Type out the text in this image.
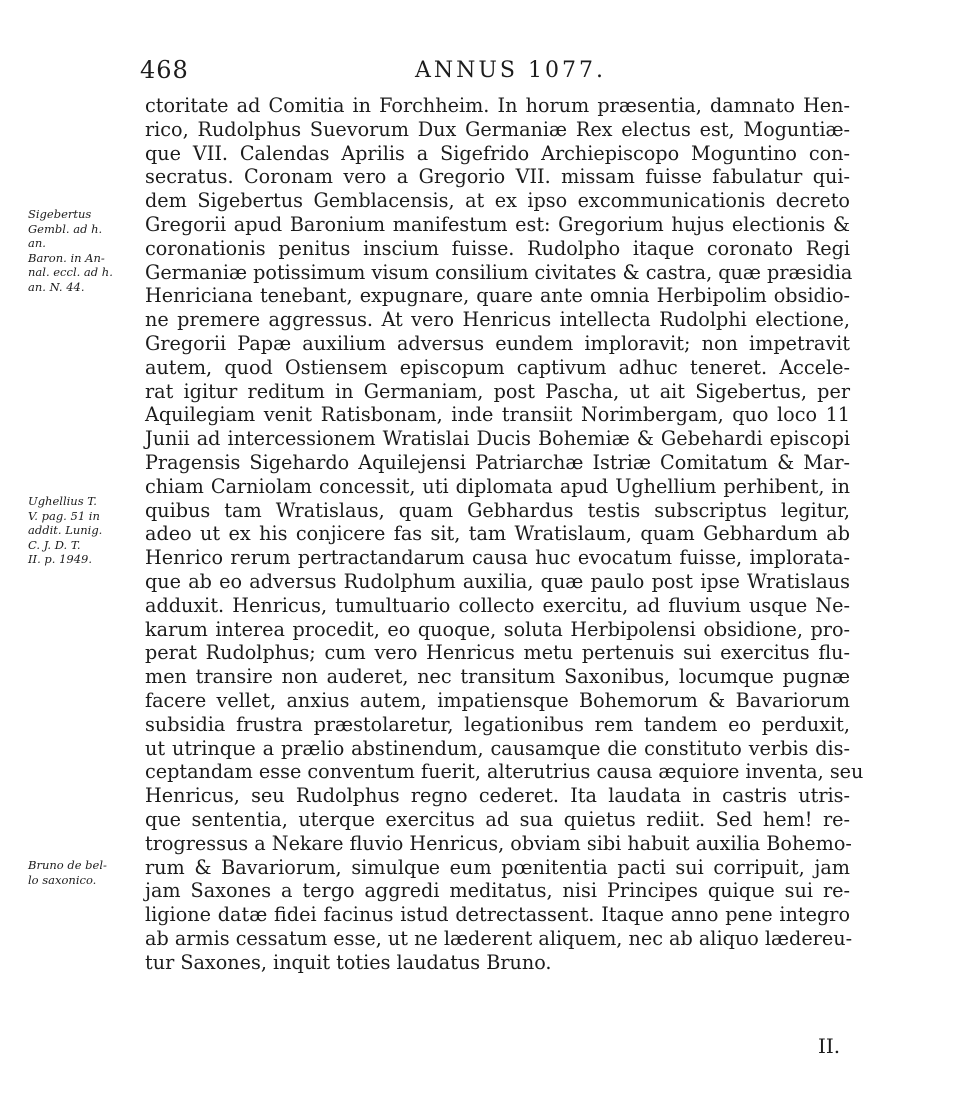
468	ANNUS 1077.
Sigebertus
Gembl. ad h.
an.
Baron. in An-
nal. eccl. ad h.
an. N. 44.
Ughellius T.
V. pag. 51 in
addit. Lunig.
C. J. D. T.
II. p. 1949.
Bruno de bel-
lo saxonico.
ctoritate ad Comitia in Forchheim. In horum præsentia, damnato Hen-
rico, Rudolphus Suevorum Dux Germaniæ Rex electus est, Moguntiæ-
que VII. Calendas Aprilis a Sigefrido Archiepiscopo Moguntino con-
secratus. Coronam vero a Gregorio VII. missam fuisse fabulatur qui-
dem Sigebertus Gemblacensis, at ex ipso excommunicationis decreto
Gregorii apud Baronium manifestum est: Gregorium hujus electionis &
coronationis penitus inscium fuisse. Rudolpho itaque coronato Regi
Germaniæ potissimum visum consilium civitates & castra, quæ præsidia
Henriciana tenebant, expugnare, quare ante omnia Herbipolim obsidio-
ne premere aggressus. At vero Henricus intellecta Rudolphi electione,
Gregorii Papæ auxilium adversus eundem imploravit; non impetravit
autem, quod Ostiensem episcopum captivum adhuc teneret. Accele-
rat igitur reditum in Germaniam, post Pascha, ut ait Sigebertus, per
Aquilegiam venit Ratisbonam, inde transiit Norimbergam, quo loco 11
Junii ad intercessionem Wratislai Ducis Bohemiæ & Gebehardi episcopi
Pragensis Sigehardo Aquilejensi Patriarchæ Istriæ Comitatum & Mar-
chiam Carniolam concessit, uti diplomata apud Ughellium perhibent, in
quibus tam Wratislaus, quam Gebhardus testis subscriptus legitur,
adeo ut ex his conjicere fas sit, tam Wratislaum, quam Gebhardum ab
Henrico rerum pertractandarum causa huc evocatum fuisse, implorata-
que ab eo adversus Rudolphum auxilia, quæ paulo post ipse Wratislaus
adduxit. Henricus, tumultuario collecto exercitu, ad fluvium usque Ne-
karum interea procedit, eo quoque, soluta Herbipolensi obsidione, pro-
perat Rudolphus; cum vero Henricus metu pertenuis sui exercitus flu-
men transire non auderet, nec transitum Saxonibus, locumque pugnæ
facere vellet, anxius autem, impatiensque Bohemorum & Bavariorum
subsidia frustra præstolaretur, legationibus rem tandem eo perduxit,
ut utrinque a prælio abstinendum, causamque die constituto verbis dis-
ceptandam esse conventum fuerit, alterutrius causa æquiore inventa, seu
Henricus, seu Rudolphus regno cederet. Ita laudata in castris utris-
que sententia, uterque exercitus ad sua quietus rediit. Sed hem! re-
trogressus a Nekare fluvio Henricus, obviam sibi habuit auxilia Bohemo-
rum & Bavariorum, simulque eum pœnitentia pacti sui corripuit, jam
jam Saxones a tergo aggredi meditatus, nisi Principes quique sui re-
ligione datæ fidei facinus istud detrectassent. Itaque anno pene integro
ab armis cessatum esse, ut ne læderent aliquem, nec ab aliquo lædereu-
tur Saxones, inquit toties laudatus Bruno.
II.
